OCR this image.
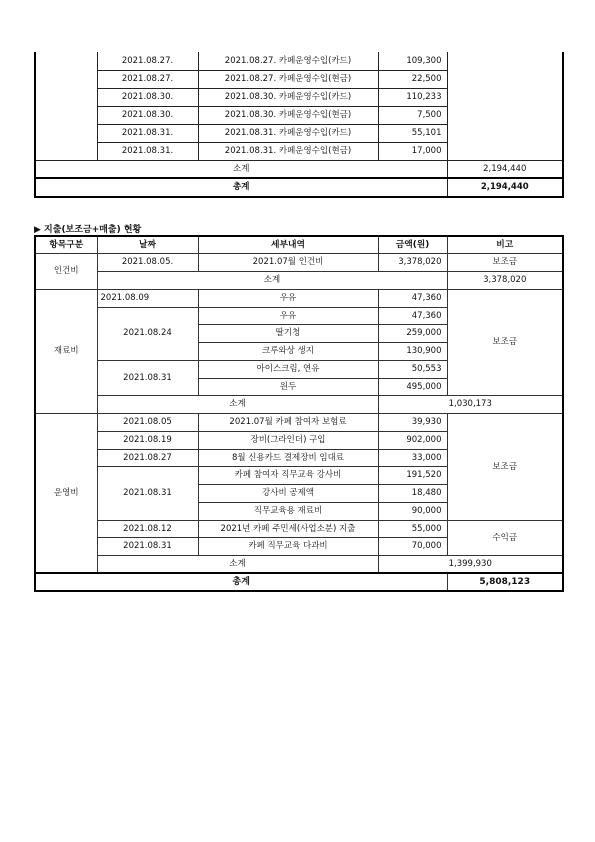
	2021.08.27.	2021.08.27. 카페운영수입(카드)	109,300	
	2021.08.27.	2021.08.27. 카페운영수입(현금)	22,500	
	2021.08.30.	2021.08.30. 카페운영수입(카드)	110,233	
	2021.08.30.	2021.08.30. 카페운영수입(현금)	7,500	
	2021.08.31.	2021.08.31. 카페운영수입(카드)	55,101	
	2021.08.31.	2021.08.31. 카페운영수입(현금)	17,000	
소계				2,194,440
총계				2,194,440
▶ 지출(보조금+매출) 현황
항목구분	날짜	세부내역	금액(원)	비고
인건비	2021.08.05.	2021.07월 인건비	3,378,020	보조금
	소계			3,378,020
재료비	2021.08.09	우유	47,360	보조금
	2021.08.24	우유	47,360	
		딸기청	259,000	
		크루와상 생지	130,900	
	2021.08.31	아이스크림, 연유	50,553	
		원두	495,000	
	소계		1,030,173	
운영비	2021.08.05	2021.07월 카페 참여자 보험료	39,930	보조금
	2021.08.19	장비(그라인더) 구입	902,000	
	2021.08.27	8월 신용카드 결제장비 임대료	33,000	
	2021.08.31	카페 참여자 직무교육 강사비	191,520	
		강사비 공제액	18,480	
		직무교육용 재료비	90,000	
	2021.08.12	2021년 카페 주민세(사업소분) 지출	55,000	수익금
	2021.08.31	카페 직무교육 다과비	70,000	
	소계		1,399,930	
총계				5,808,123
